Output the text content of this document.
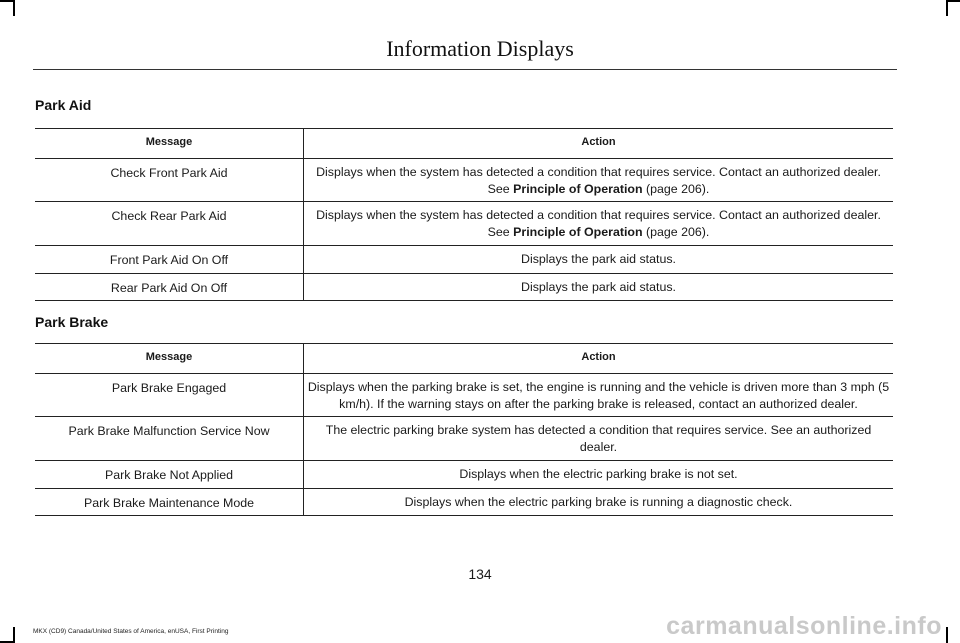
Information Displays
Park Aid
Message	Action
Check Front Park Aid	Displays when the system has detected a condition that requires service. Contact an authorized dealer. See Principle of Operation (page 206).
Check Rear Park Aid	Displays when the system has detected a condition that requires service. Contact an authorized dealer. See Principle of Operation (page 206).
Front Park Aid On Off	Displays the park aid status.
Rear Park Aid On Off	Displays the park aid status.
Park Brake
Message	Action
Park Brake Engaged	Displays when the parking brake is set, the engine is running and the vehicle is driven more than 3 mph (5 km/h). If the warning stays on after the parking brake is released, contact an authorized dealer.
Park Brake Malfunction Service Now	The electric parking brake system has detected a condition that requires service. See an authorized dealer.
Park Brake Not Applied	Displays when the electric parking brake is not set.
Park Brake Maintenance Mode	Displays when the electric parking brake is running a diagnostic check.
134
MKX (CD9) Canada/United States of America, enUSA, First Printing	carmanualsonline.info
